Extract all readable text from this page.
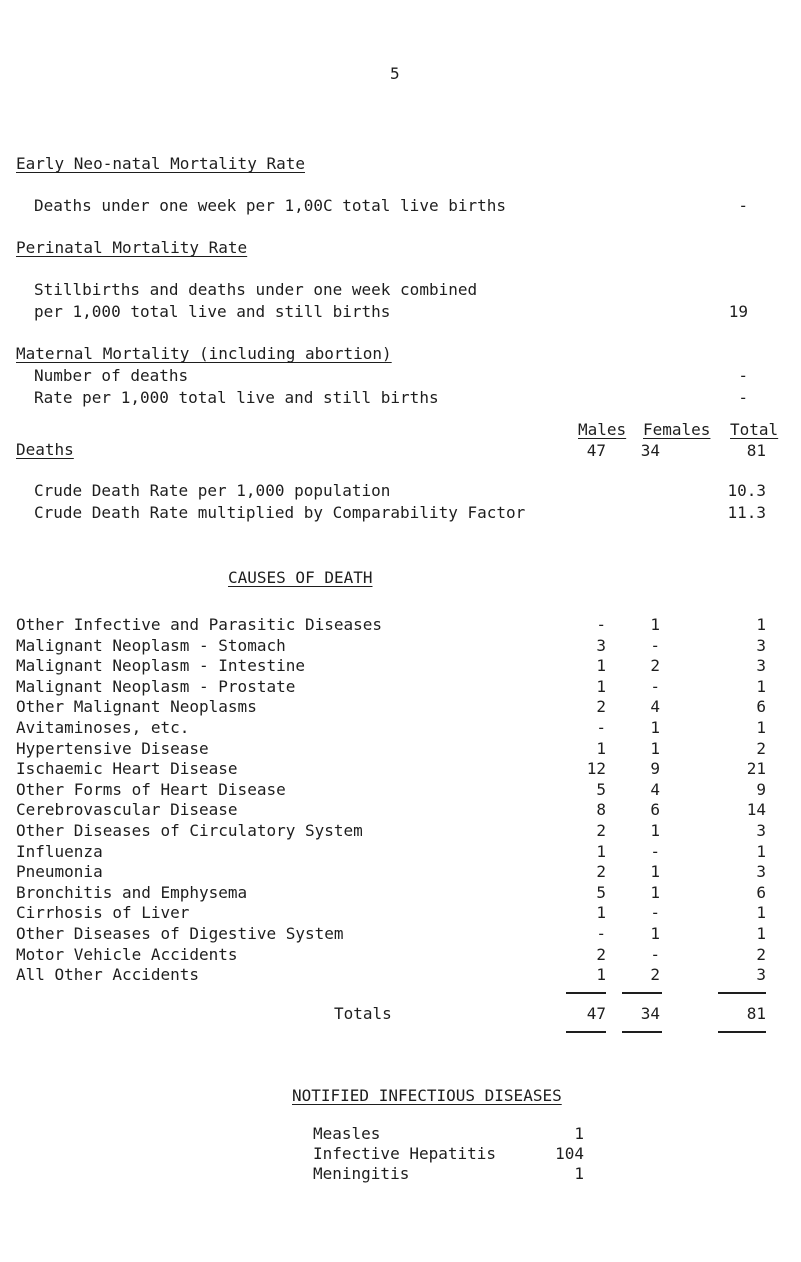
5
Early Neo-natal Mortality Rate
Deaths under one week per 1,00C total live births	-
Perinatal Mortality Rate
Stillbirths and deaths under one week combined
per 1,000 total live and still births	19
Maternal Mortality (including abortion)
Number of deaths	-
Rate per 1,000 total live and still births	-
Males Females Total
Deaths	47	34	81
Crude Death Rate per 1,000 population	10.3
Crude Death Rate multiplied by Comparability Factor	11.3
CAUSES OF DEATH
Other Infective and Parasitic Diseases	-	1	1
Malignant Neoplasm - Stomach	3	-	3
Malignant Neoplasm - Intestine	1	2	3
Malignant Neoplasm - Prostate	1	-	1
Other Malignant Neoplasms	2	4	6
Avitaminoses, etc.	-	1	1
Hypertensive Disease	1	1	2
Ischaemic Heart Disease	12	9	21
Other Forms of Heart Disease	5	4	9
Cerebrovascular Disease	8	6	14
Other Diseases of Circulatory System	2	1	3
Influenza	1	-	1
Pneumonia	2	1	3
Bronchitis and Emphysema	5	1	6
Cirrhosis of Liver	1	-	1
Other Diseases of Digestive System	-	1	1
Motor Vehicle Accidents	2	-	2
All Other Accidents	1	2	3
Totals	47	34	81
NOTIFIED INFECTIOUS DISEASES
Measles	1
Infective Hepatitis	104
Meningitis	1
